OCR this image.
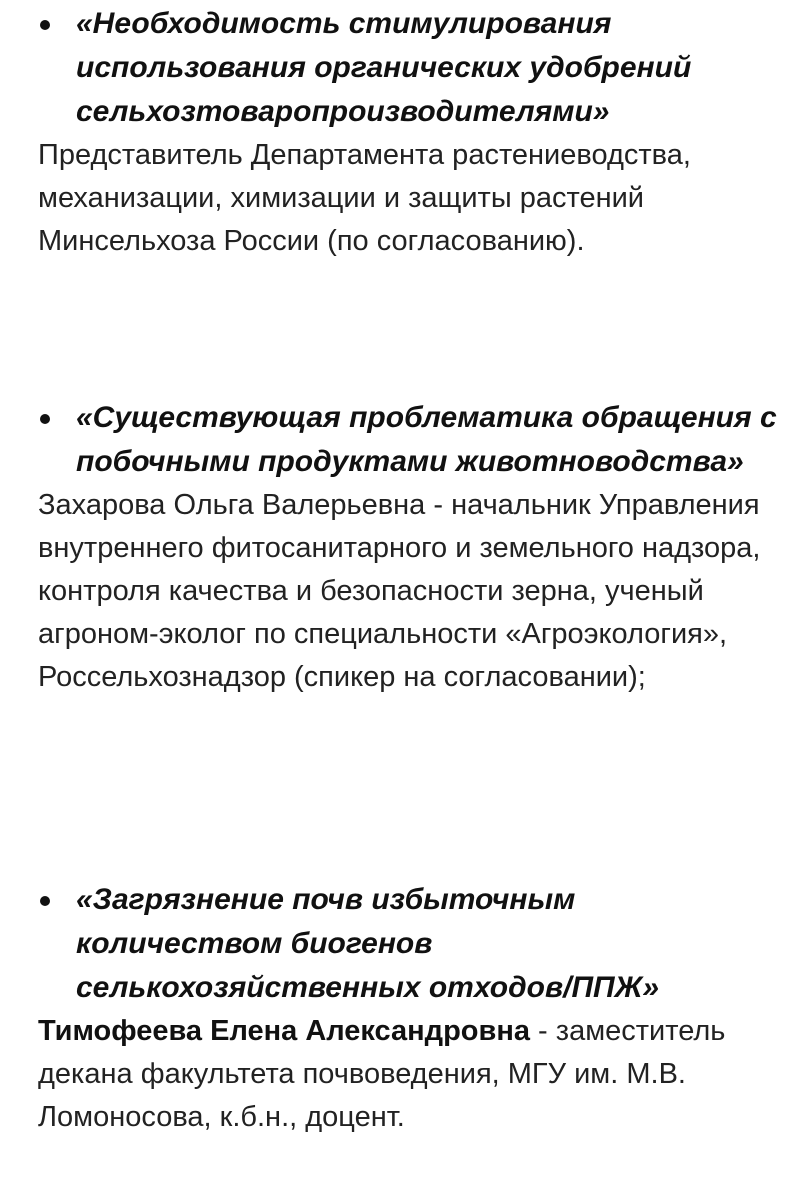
«Необходимость стимулирования использования органических удобрений сельхозтоваропроизводителями»
Представитель Департамента растениеводства, механизации, химизации и защиты растений Минсельхоза России (по согласованию).
«Существующая проблематика обращения с побочными продуктами животноводства»
Захарова Ольга Валерьевна - начальник Управления внутреннего фитосанитарного и земельного надзора, контроля качества и безопасности зерна, ученый агроном-эколог по специальности «Агроэкология», Россельхознадзор (спикер на согласовании);
«Загрязнение почв избыточным количеством биогенов селькохозяйственных отходов/ППЖ»
Тимофеева Елена Александровна - заместитель декана факультета почвоведения, МГУ им. М.В. Ломоносова, к.б.н., доцент.
